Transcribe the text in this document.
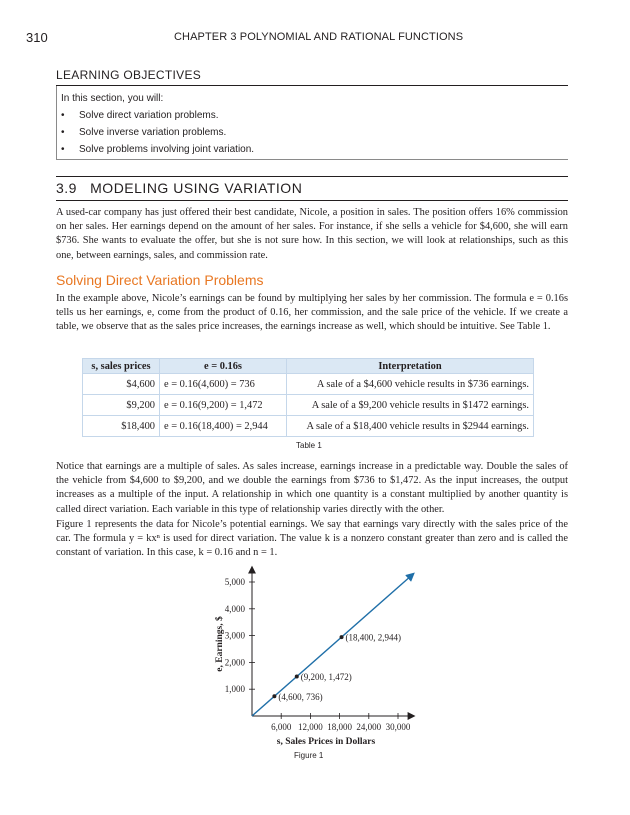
310	CHAPTER 3 POLYNOMIAL AND RATIONAL FUNCTIONS
LEARNING OBJECTIVES
In this section, you will:
• Solve direct variation problems.
• Solve inverse variation problems.
• Solve problems involving joint variation.
3.9 MODELING USING VARIATION
A used-car company has just offered their best candidate, Nicole, a position in sales. The position offers 16% commission on her sales. Her earnings depend on the amount of her sales. For instance, if she sells a vehicle for $4,600, she will earn $736. She wants to evaluate the offer, but she is not sure how. In this section, we will look at relationships, such as this one, between earnings, sales, and commission rate.
Solving Direct Variation Problems
In the example above, Nicole’s earnings can be found by multiplying her sales by her commission. The formula e = 0.16s tells us her earnings, e, come from the product of 0.16, her commission, and the sale price of the vehicle. If we create a table, we observe that as the sales price increases, the earnings increase as well, which should be intuitive. See Table 1.
s, sales prices	e = 0.16s	Interpretation
$4,600	e = 0.16(4,600) = 736	A sale of a $4,600 vehicle results in $736 earnings.
$9,200	e = 0.16(9,200) = 1,472	A sale of a $9,200 vehicle results in $1472 earnings.
$18,400	e = 0.16(18,400) = 2,944	A sale of a $18,400 vehicle results in $2944 earnings.
Table 1
Notice that earnings are a multiple of sales. As sales increase, earnings increase in a predictable way. Double the sales of the vehicle from $4,600 to $9,200, and we double the earnings from $736 to $1,472. As the input increases, the output increases as a multiple of the input. A relationship in which one quantity is a constant multiplied by another quantity is called direct variation. Each variable in this type of relationship varies directly with the other.
Figure 1 represents the data for Nicole’s potential earnings. We say that earnings vary directly with the sales price of the car. The formula y = kxⁿ is used for direct variation. The value k is a nonzero constant greater than zero and is called the constant of variation. In this case, k = 0.16 and n = 1.
6,000 12,000 18,000 24,000 30,000
1,000
2,000
3,000
4,000
5,000
(4,600, 736)
(9,200, 1,472)
(18,400, 2,944)
s, Sales Prices in Dollars
e, Earnings, $
Figure 1
